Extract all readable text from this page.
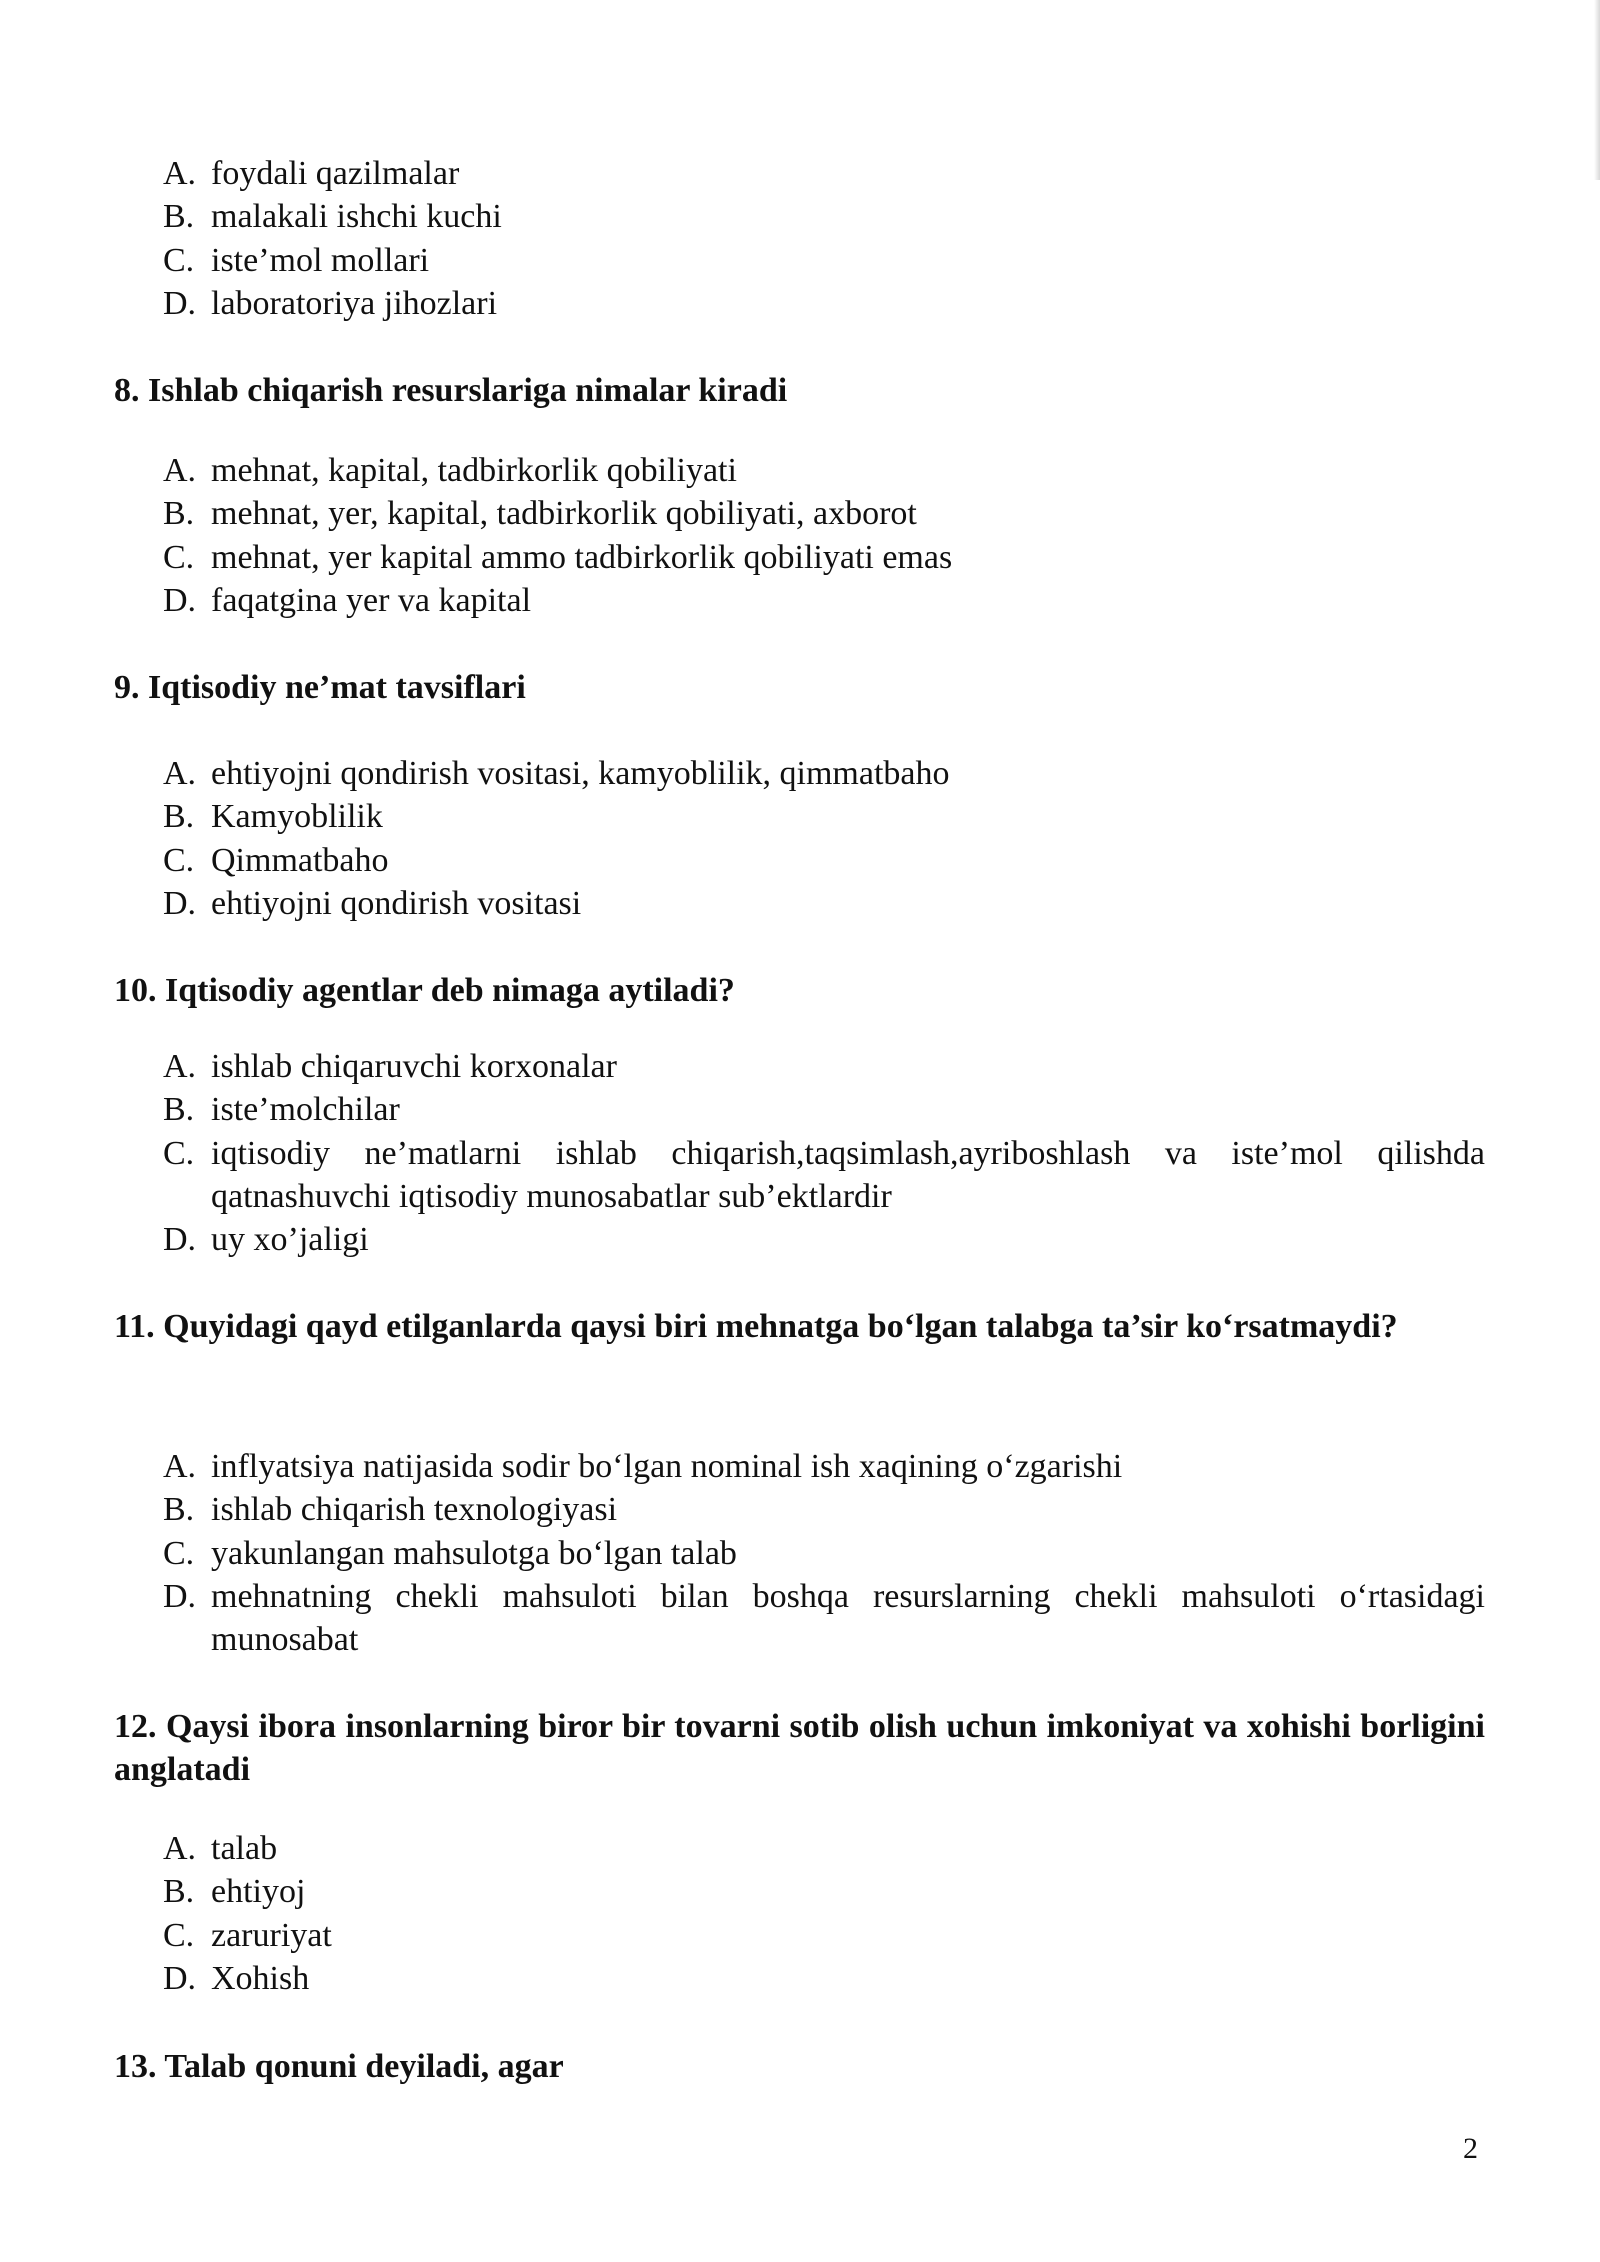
A. foydali qazilmalar
B. malakali ishchi kuchi
C. iste’mol mollari
D. laboratoriya jihozlari
8. Ishlab chiqarish resurslariga nimalar kiradi
A. mehnat, kapital, tadbirkorlik qobiliyati
B. mehnat, yer, kapital, tadbirkorlik qobiliyati, axborot
C. mehnat, yer kapital ammo tadbirkorlik qobiliyati emas
D. faqatgina yer va kapital
9. Iqtisodiy ne’mat tavsiflari
A. ehtiyojni qondirish vositasi, kamyoblilik, qimmatbaho
B. Kamyoblilik
C. Qimmatbaho
D. ehtiyojni qondirish vositasi
10. Iqtisodiy agentlar deb nimaga aytiladi?
A. ishlab chiqaruvchi korxonalar
B. iste’molchilar
C. iqtisodiy ne’matlarni ishlab chiqarish,taqsimlash,ayriboshlash va iste’mol qilishda qatnashuvchi iqtisodiy munosabatlar sub’ektlardir
D. uy xo’jaligi
11. Quyidagi qayd etilganlarda qaysi biri mehnatga bo‘lgan talabga ta’sir ko‘rsatmaydi?
A. inflyatsiya natijasida sodir bo‘lgan nominal ish xaqining o‘zgarishi
B. ishlab chiqarish texnologiyasi
C. yakunlangan mahsulotga bo‘lgan talab
D. mehnatning chekli mahsuloti bilan boshqa resurslarning chekli mahsuloti o‘rtasidagi munosabat
12. Qaysi ibora insonlarning biror bir tovarni sotib olish uchun imkoniyat va xohishi borligini anglatadi
A. talab
B. ehtiyoj
C. zaruriyat
D. Xohish
13. Talab qonuni deyiladi, agar
2
